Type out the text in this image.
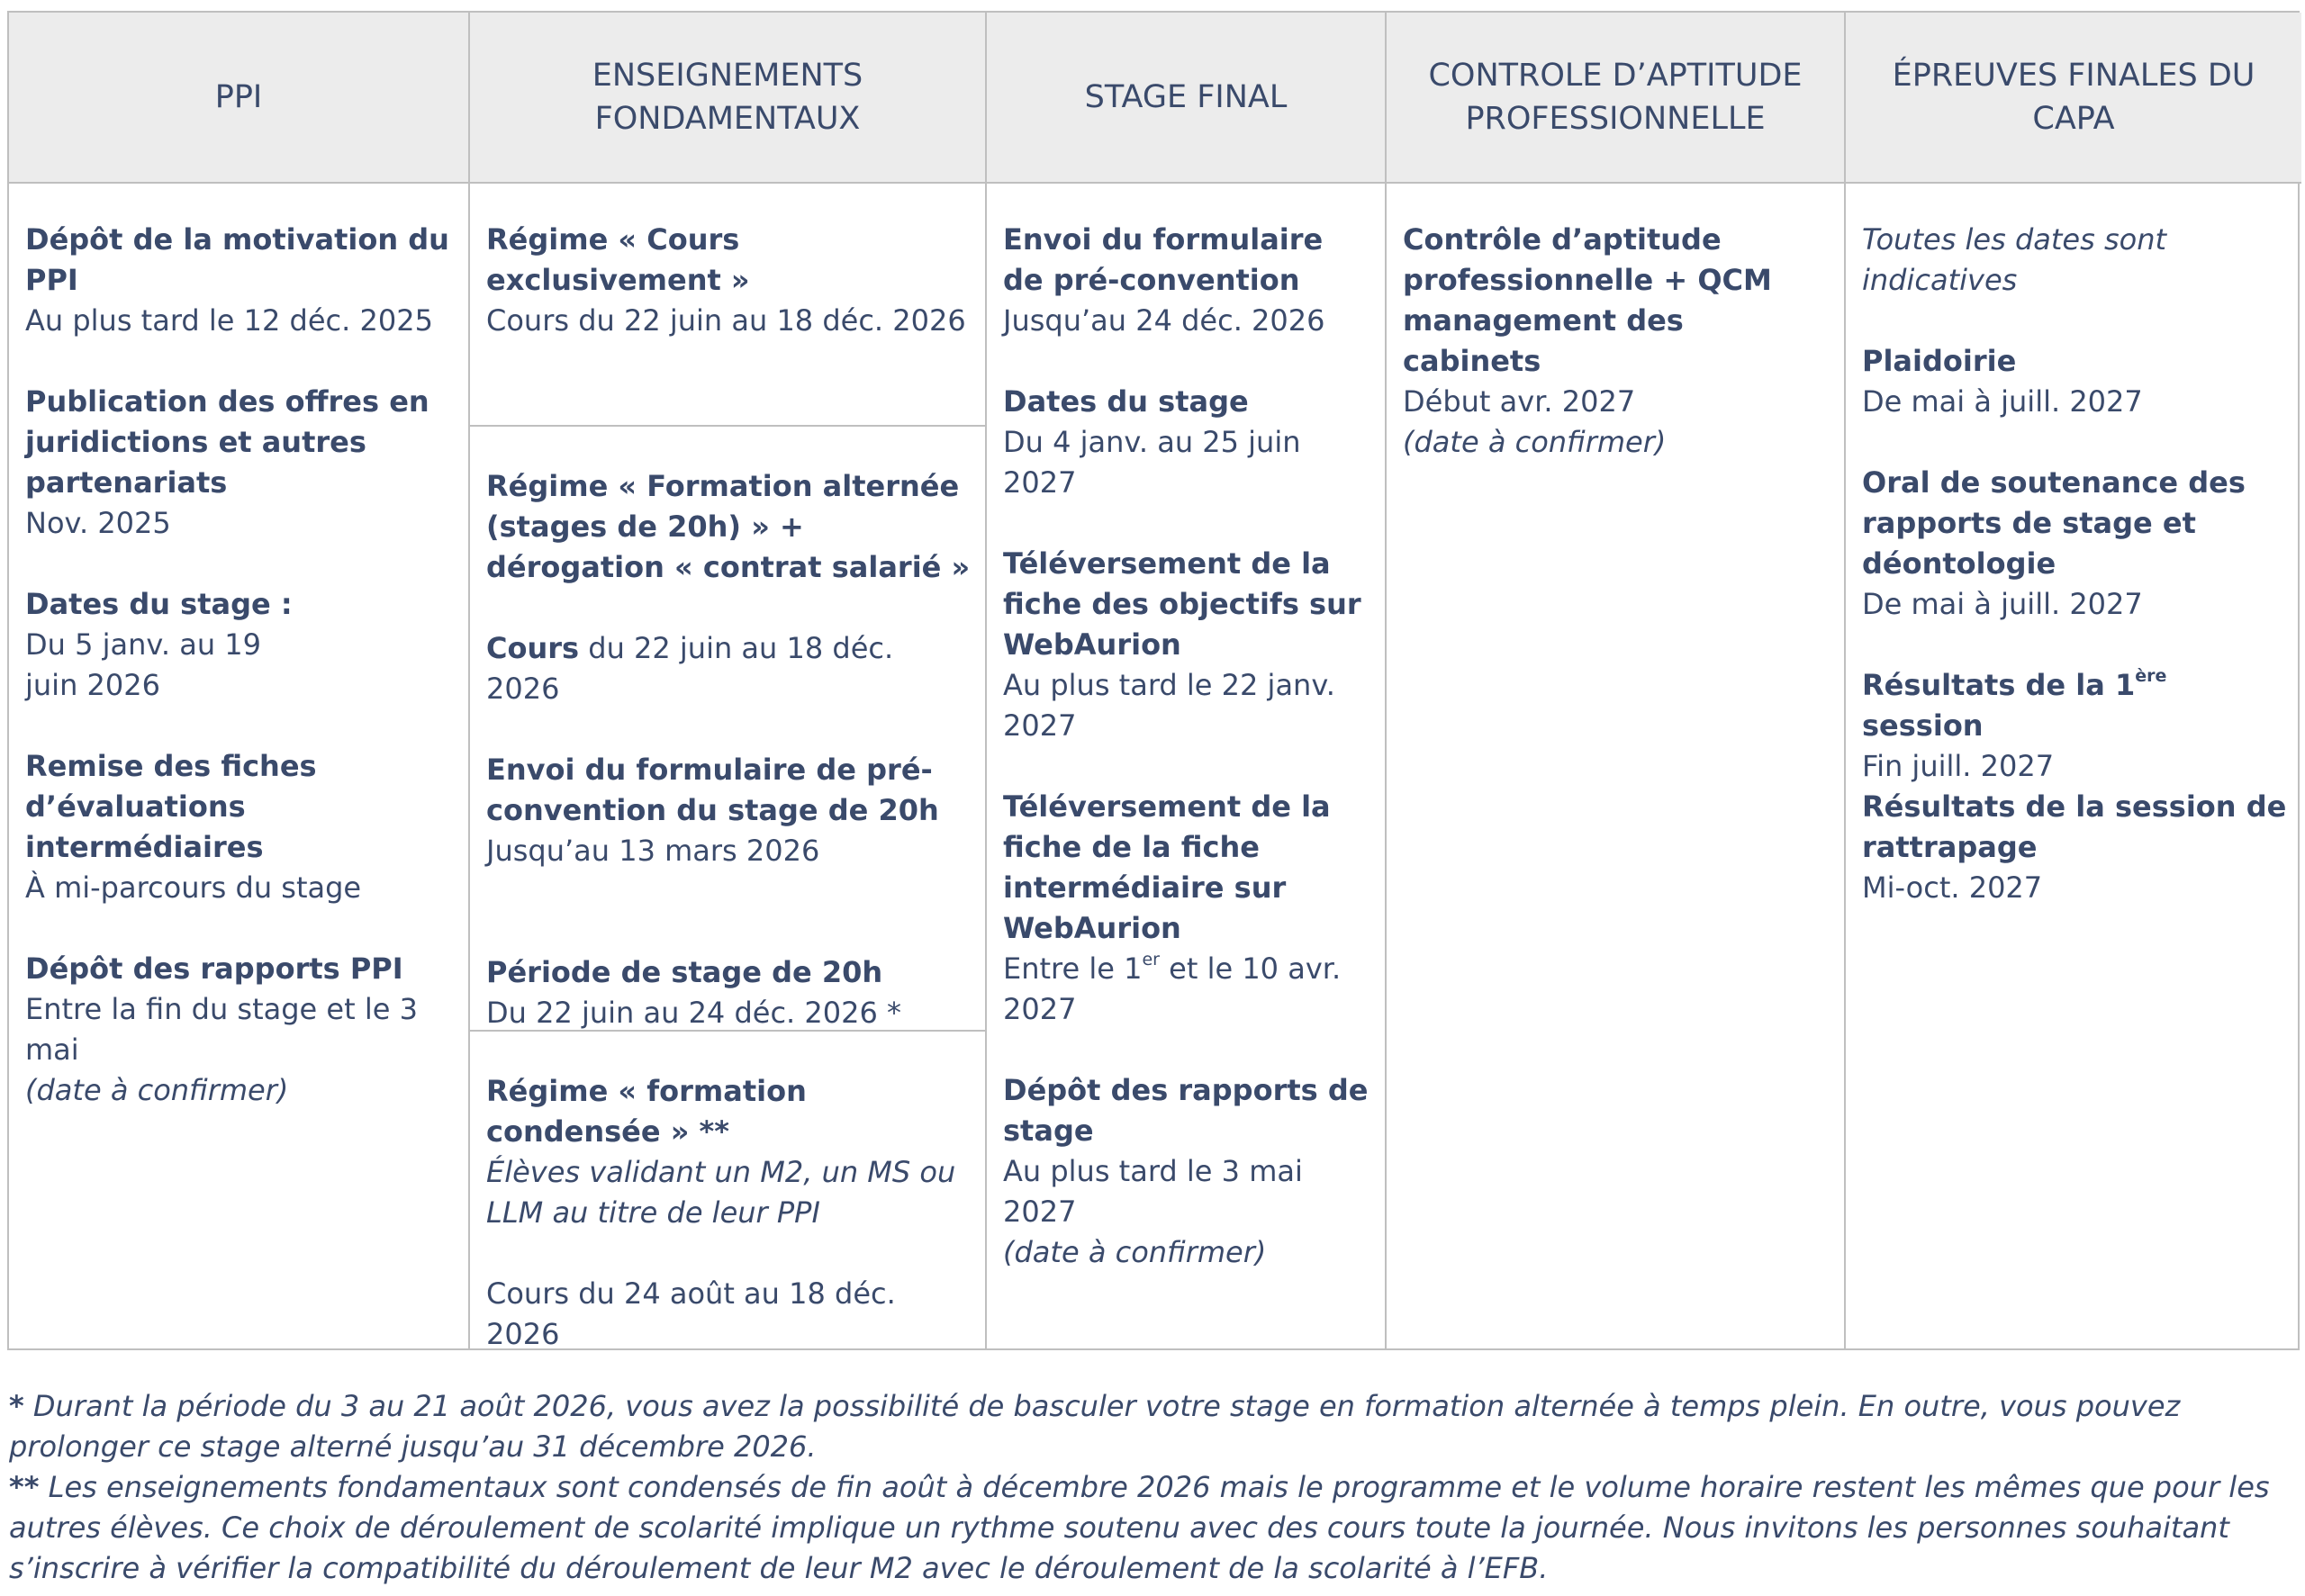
PPI
Dépôt de la motivation du PPI
Au plus tard le 12 déc. 2025
Publication des offres en juridictions et autres partenariats
Nov. 2025
Dates du stage :
Du 5 janv. au 19 juin 2026
Remise des fiches d’évaluations intermédiaires
À mi-parcours du stage
Dépôt des rapports PPI
Entre la fin du stage et le 3 mai
(date à confirmer)
ENSEIGNEMENTS FONDAMENTAUX
Régime « Cours exclusivement »
Cours du 22 juin au 18 déc. 2026
Régime « Formation alternée (stages de 20h) » + dérogation « contrat salarié »
Cours du 22 juin au 18 déc. 2026
Envoi du formulaire de pré-convention du stage de 20h
Jusqu’au 13 mars 2026
Période de stage de 20h
Du 22 juin au 24 déc. 2026 *
Régime « formation condensée » **
Élèves validant un M2, un MS ou LLM au titre de leur PPI
Cours du 24 août au 18 déc. 2026
STAGE FINAL
Envoi du formulaire de pré-convention
Jusqu’au 24 déc. 2026
Dates du stage
Du 4 janv. au 25 juin 2027
Téléversement de la fiche des objectifs sur WebAurion
Au plus tard le 22 janv. 2027
Téléversement de la fiche de la fiche intermédiaire sur WebAurion
Entre le 1er et le 10 avr. 2027
Dépôt des rapports de stage
Au plus tard le 3 mai 2027
(date à confirmer)
CONTROLE D’APTITUDE PROFESSIONNELLE
Contrôle d’aptitude professionnelle + QCM management des cabinets
Début avr. 2027
(date à confirmer)
ÉPREUVES FINALES DU CAPA
Toutes les dates sont indicatives
Plaidoirie
De mai à juill. 2027
Oral de soutenance des rapports de stage et déontologie
De mai à juill. 2027
Résultats de la 1ère session
Fin juill. 2027
Résultats de la session de rattrapage
Mi-oct. 2027

* Durant la période du 3 au 21 août 2026, vous avez la possibilité de basculer votre stage en formation alternée à temps plein. En outre, vous pouvez prolonger ce stage alterné jusqu’au 31 décembre 2026.

** Les enseignements fondamentaux sont condensés de fin août à décembre 2026 mais le programme et le volume horaire restent les mêmes que pour les autres élèves. Ce choix de déroulement de scolarité implique un rythme soutenu avec des cours toute la journée. Nous invitons les personnes souhaitant s’inscrire à vérifier la compatibilité du déroulement de leur M2 avec le déroulement de la scolarité à l’EFB.
